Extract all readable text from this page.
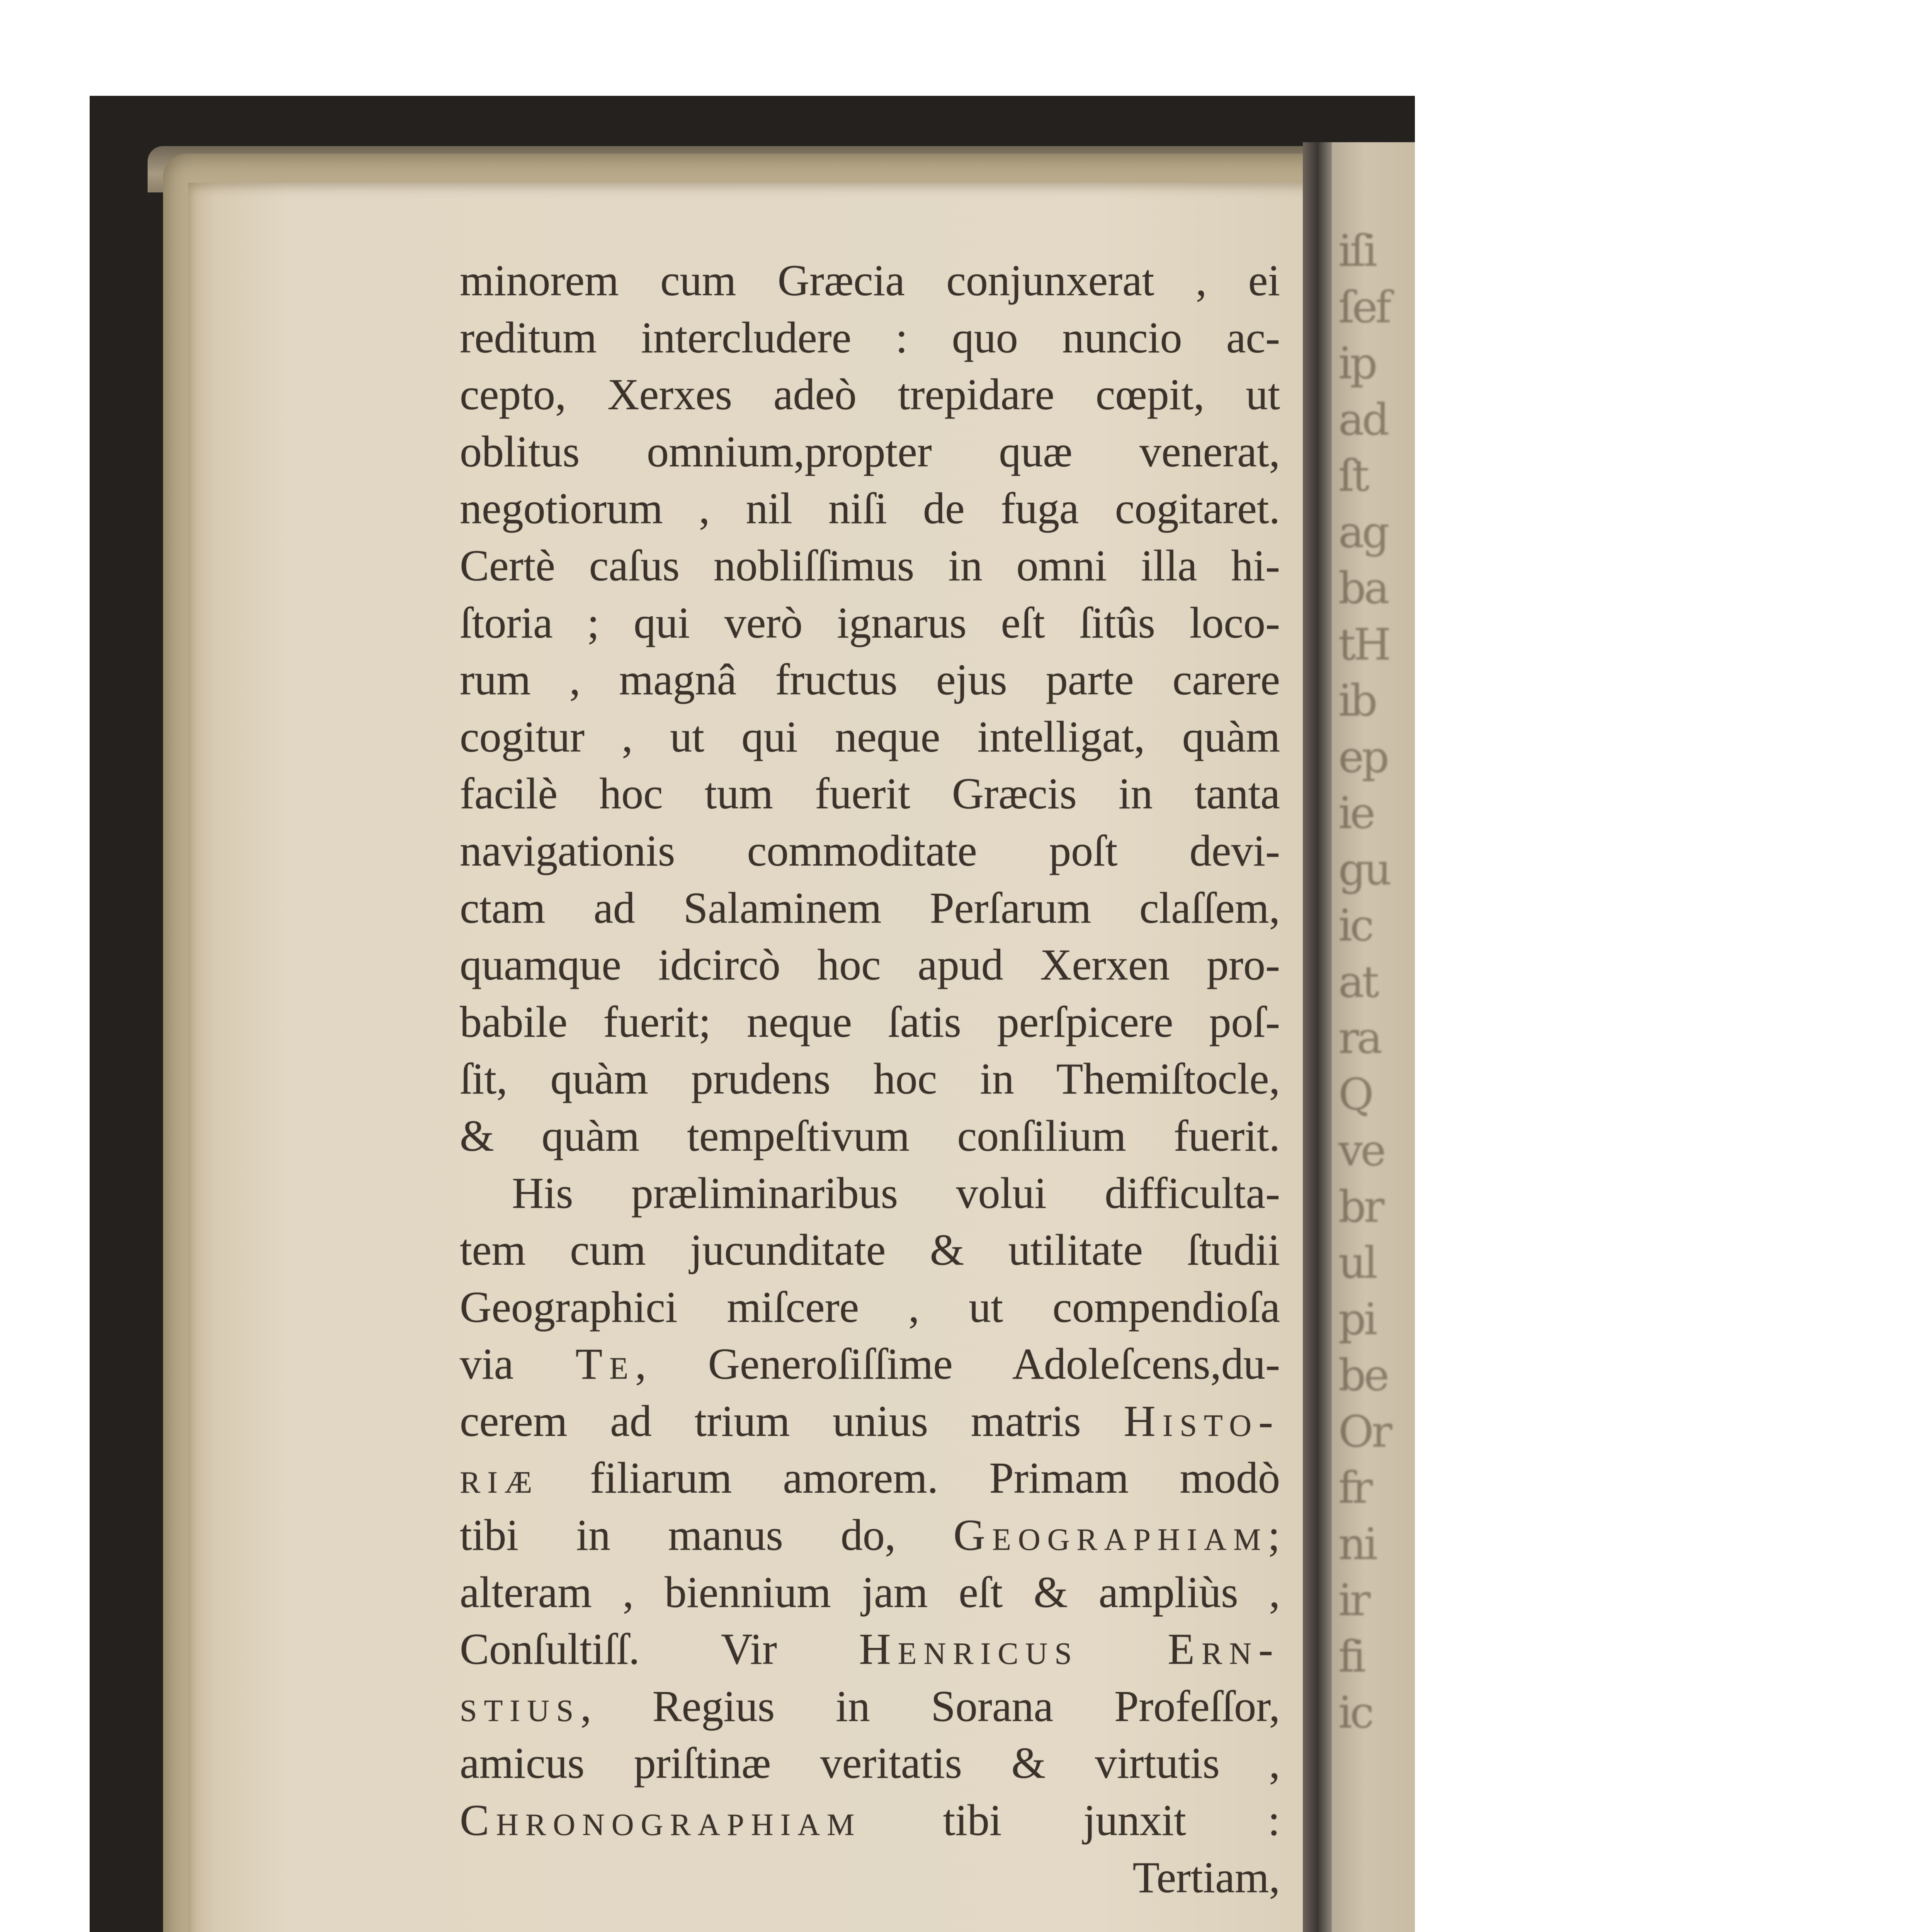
iſi
ſef
ip
ad
ſt
ag
ba
tH
ib
ep
ie
gu
ic
at
ra
Q
ve
br
ul
pi
be
Or
fr
ni
ir
fi
ic
minorem cum Græcia conjunxerat , ei
reditum intercludere : quo nuncio ac-
cepto, Xerxes adeò trepidare cœpit, ut
oblitus omnium,propter quæ venerat,
negotiorum , nil niſi de fuga cogitaret.
Certè caſus nobliſſimus in omni illa hi-
ſtoria ; qui verò ignarus eſt ſitûs loco-
rum , magnâ fructus ejus parte carere
cogitur , ut qui neque intelligat, quàm
facilè hoc tum fuerit Græcis in tanta
navigationis commoditate poſt devi-
ctam ad Salaminem Perſarum claſſem,
quamque idcircò hoc apud Xerxen pro-
babile fuerit; neque ſatis perſpicere poſ-
ſit, quàm prudens hoc in Themiſtocle,
& quàm tempeſtivum conſilium fuerit.
His præliminaribus volui difficulta-
tem cum jucunditate & utilitate ſtudii
Geographici miſcere , ut compendioſa
via Te, Generoſiſſime Adoleſcens,du-
cerem ad trium unius matris Histo-
riæ filiarum amorem. Primam modò
tibi in manus do, Geographiam;
alteram , biennium jam eſt & ampliùs ,
Conſultiſſ. Vir Henricus Ern-
stius, Regius in Sorana Profeſſor,
amicus priſtinæ veritatis & virtutis ,
Chronographiam tibi junxit :
Tertiam,
